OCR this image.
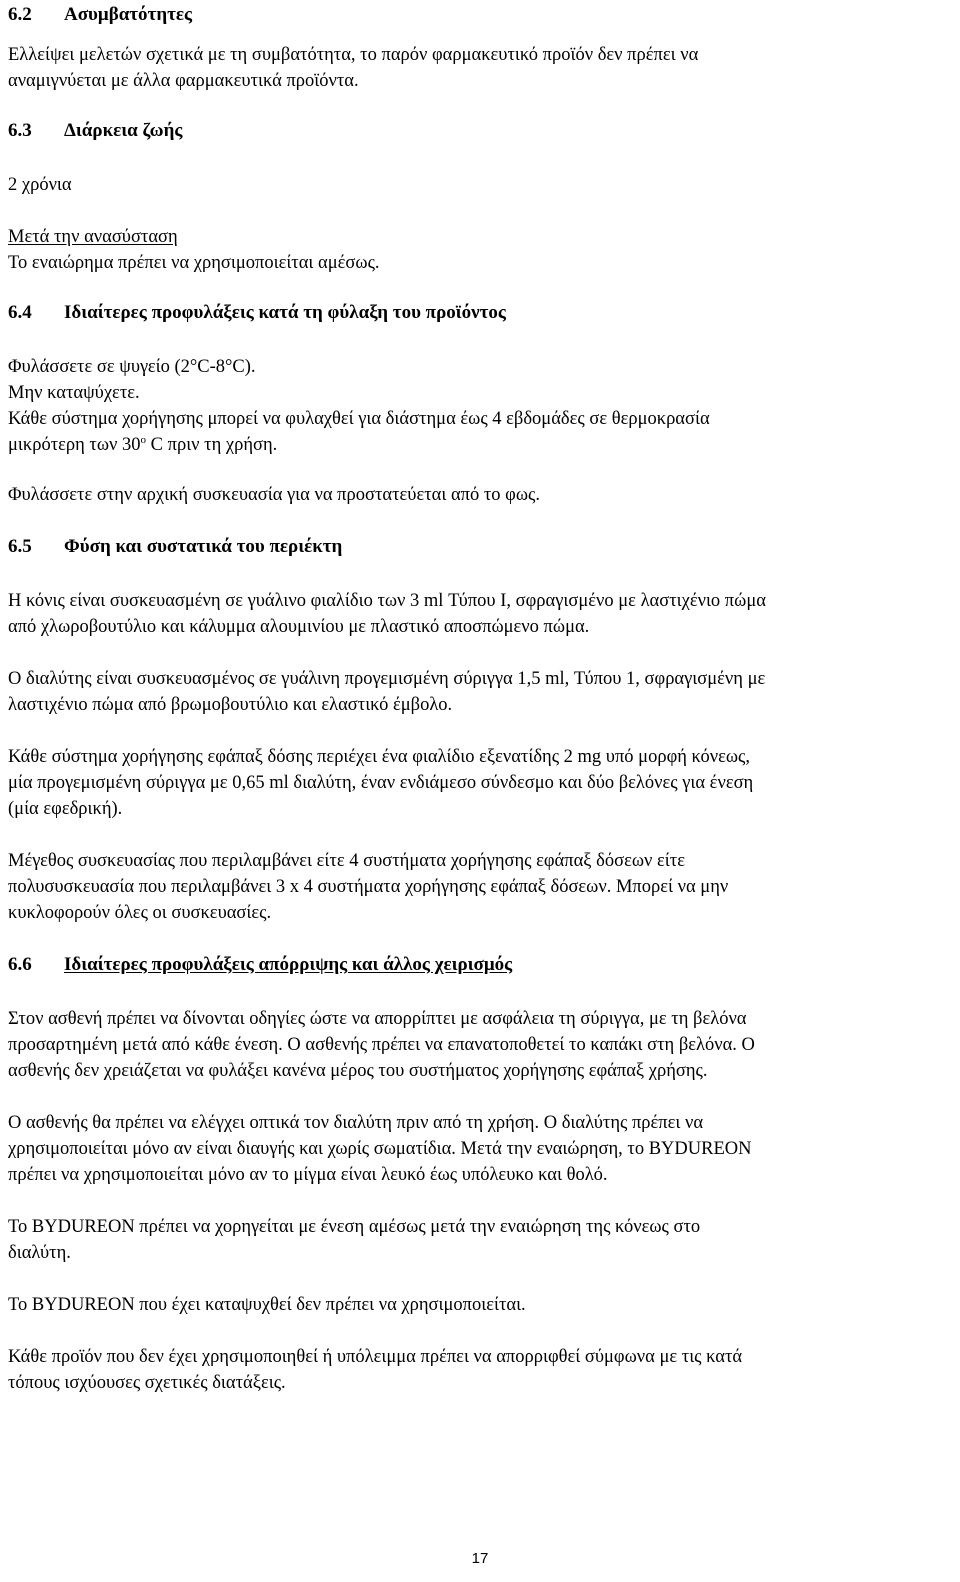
6.2 Ασυμβατότητες

Ελλείψει μελετών σχετικά με τη συμβατότητα, το παρόν φαρμακευτικό προϊόν δεν πρέπει να
αναμιγνύεται με άλλα φαρμακευτικά προϊόντα.

6.3 Διάρκεια ζωής

2 χρόνια

Μετά την ανασύσταση
Το εναιώρημα πρέπει να χρησιμοποιείται αμέσως.

6.4 Ιδιαίτερες προφυλάξεις κατά τη φύλαξη του προϊόντος

Φυλάσσετε σε ψυγείο (2°C-8°C).
Μην καταψύχετε.
Κάθε σύστημα χορήγησης μπορεί να φυλαχθεί για διάστημα έως 4 εβδομάδες σε θερμοκρασία
μικρότερη των 30$^o$ C πριν τη χρήση.

Φυλάσσετε στην αρχική συσκευασία για να προστατεύεται από το φως.

6.5 Φύση και συστατικά του περιέκτη

Η κόνις είναι συσκευασμένη σε γυάλινο φιαλίδιο των 3 ml Τύπου I, σφραγισμένο με λαστιχένιο πώμα
από χλωροβουτύλιο και κάλυμμα αλουμινίου με πλαστικό αποσπώμενο πώμα.

Ο διαλύτης είναι συσκευασμένος σε γυάλινη προγεμισμένη σύριγγα 1,5 ml, Τύπου 1, σφραγισμένη με
λαστιχένιο πώμα από βρωμοβουτύλιο και ελαστικό έμβολο.

Κάθε σύστημα χορήγησης εφάπαξ δόσης περιέχει ένα φιαλίδιο εξενατίδης 2 mg υπό μορφή κόνεως,
μία προγεμισμένη σύριγγα με 0,65 ml διαλύτη, έναν ενδιάμεσο σύνδεσμο και δύο βελόνες για ένεση
(μία εφεδρική).

Μέγεθος συσκευασίας που περιλαμβάνει είτε 4 συστήματα χορήγησης εφάπαξ δόσεων είτε
πολυσυσκευασία που περιλαμβάνει 3 x 4 συστήματα χορήγησης εφάπαξ δόσεων. Μπορεί να μην
κυκλοφορούν όλες οι συσκευασίες.

6.6 Ιδιαίτερες προφυλάξεις απόρριψης και άλλος χειρισμός

Στον ασθενή πρέπει να δίνονται οδηγίες ώστε να απορρίπτει με ασφάλεια τη σύριγγα, με τη βελόνα
προσαρτημένη μετά από κάθε ένεση. Ο ασθενής πρέπει να επανατοποθετεί το καπάκι στη βελόνα. Ο
ασθενής δεν χρειάζεται να φυλάξει κανένα μέρος του συστήματος χορήγησης εφάπαξ χρήσης.

Ο ασθενής θα πρέπει να ελέγχει οπτικά τον διαλύτη πριν από τη χρήση. Ο διαλύτης πρέπει να
χρησιμοποιείται μόνο αν είναι διαυγής και χωρίς σωματίδια. Μετά την εναιώρηση, το BYDUREON
πρέπει να χρησιμοποιείται μόνο αν το μίγμα είναι λευκό έως υπόλευκο και θολό.

Το BYDUREON πρέπει να χορηγείται με ένεση αμέσως μετά την εναιώρηση της κόνεως στο
διαλύτη.

Το BYDUREON που έχει καταψυχθεί δεν πρέπει να χρησιμοποιείται.

Κάθε προϊόν που δεν έχει χρησιμοποιηθεί ή υπόλειμμα πρέπει να απορριφθεί σύμφωνα με τις κατά
τόπους ισχύουσες σχετικές διατάξεις.

17
